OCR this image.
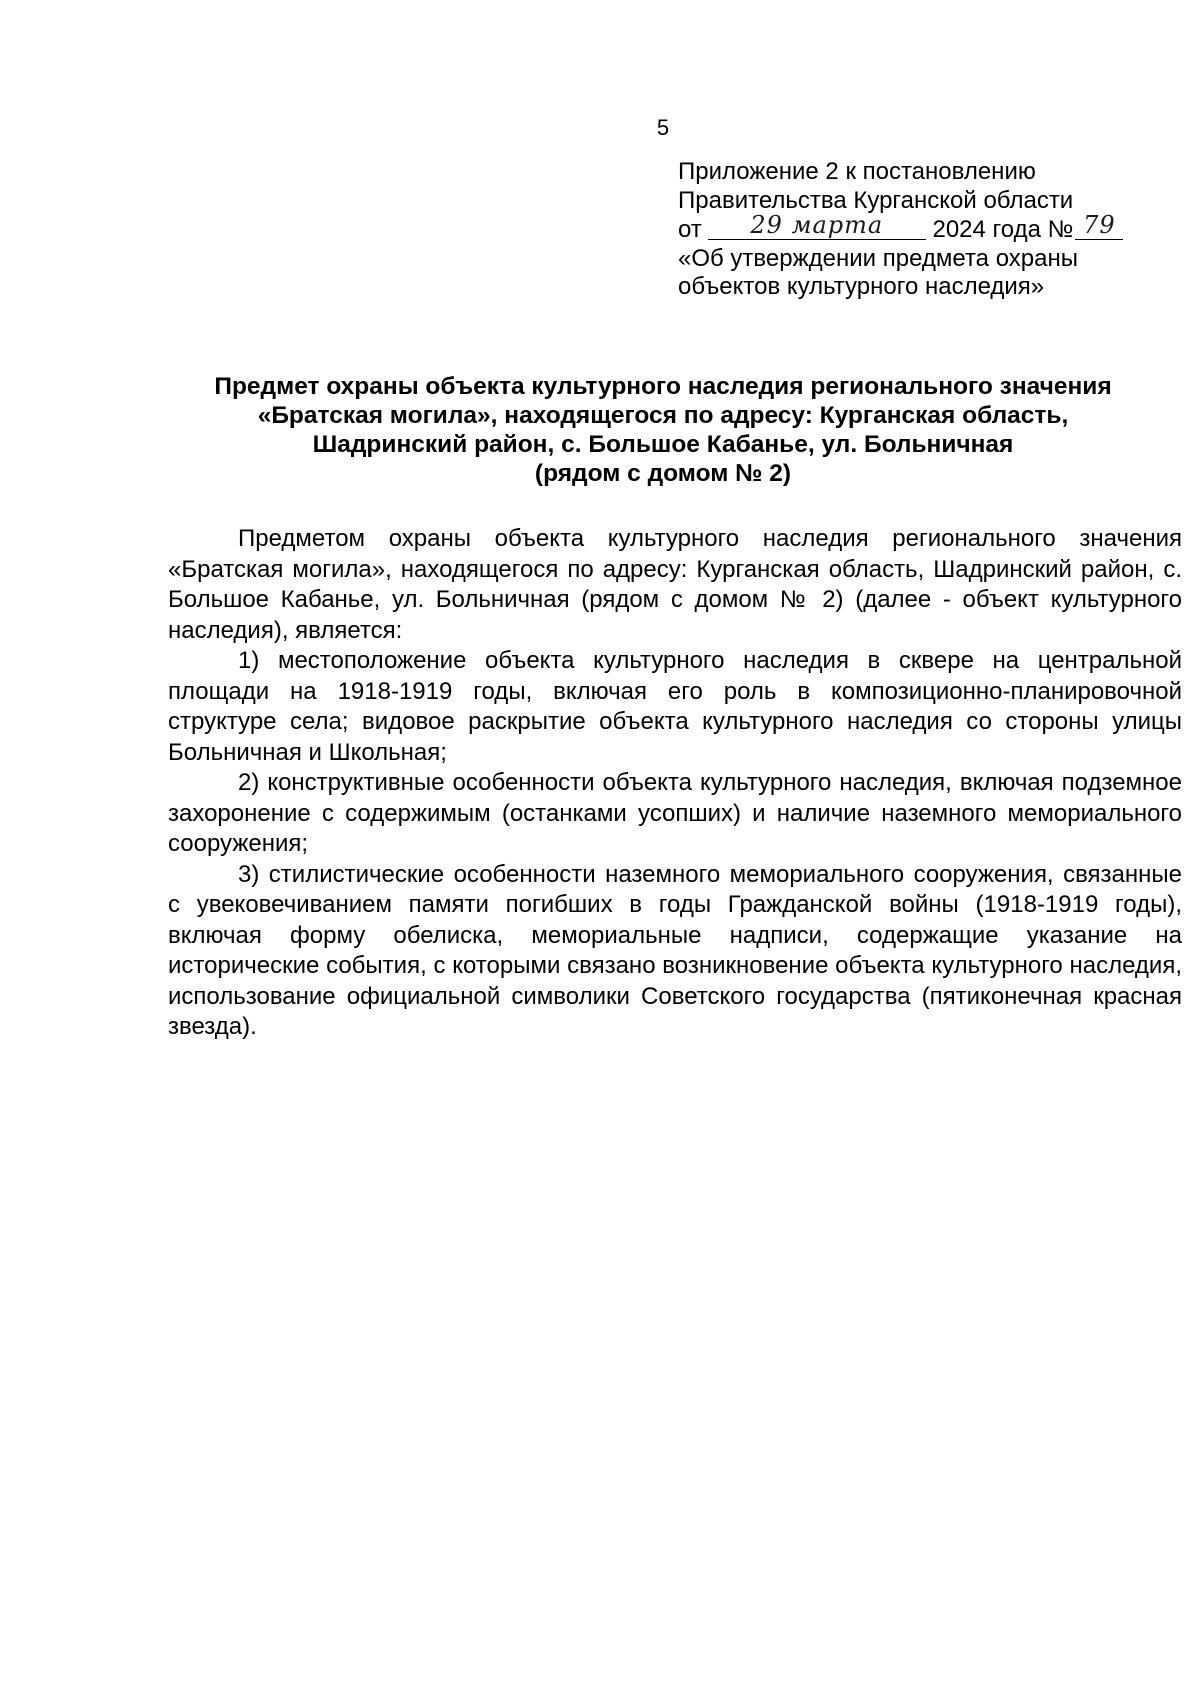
5
Приложение 2 к постановлению
Правительства Курганской области
от 29 марта 2024 года № 79
«Об утверждении предмета охраны
объектов культурного наследия»
Предмет охраны объекта культурного наследия регионального значения
«Братская могила», находящегося по адресу: Курганская область,
Шадринский район, с. Большое Кабанье, ул. Больничная
(рядом с домом № 2)

Предметом охраны объекта культурного наследия регионального значения «Братская могила», находящегося по адресу: Курганская область, Шадринский район, с. Большое Кабанье, ул. Больничная (рядом с домом № 2) (далее - объект культурного наследия), является:

1) местоположение объекта культурного наследия в сквере на центральной площади на 1918-1919 годы, включая его роль в композиционно-планировочной структуре села; видовое раскрытие объекта культурного наследия со стороны улицы Больничная и Школьная;

2) конструктивные особенности объекта культурного наследия, включая подземное захоронение с содержимым (останками усопших) и наличие наземного мемориального сооружения;

3) стилистические особенности наземного мемориального сооружения, связанные с увековечиванием памяти погибших в годы Гражданской войны (1918-1919 годы), включая форму обелиска, мемориальные надписи, содержащие указание на исторические события, с которыми связано возникновение объекта культурного наследия, использование официальной символики Советского государства (пятиконечная красная звезда).
